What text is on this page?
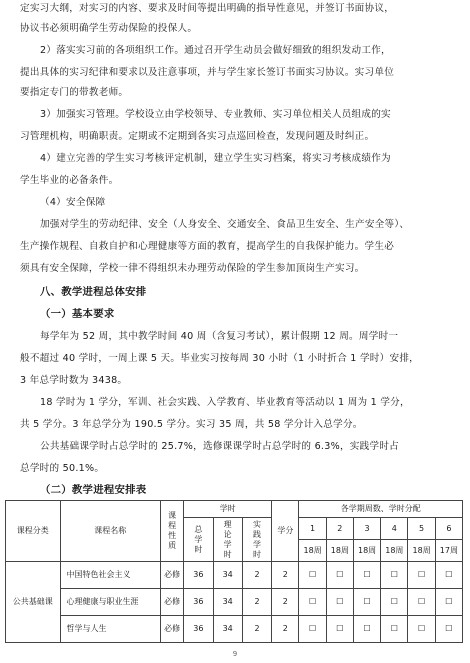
定实习大纲，对实习的内容、要求及时间等提出明确的指导性意见，并签订书面协议，
协议书必须明确学生劳动保险的投保人。
2）落实实习前的各项组织工作。通过召开学生动员会做好细致的组织发动工作，
提出具体的实习纪律和要求以及注意事项，并与学生家长签订书面实习协议。实习单位
要指定专门的带教老师。
3）加强实习管理。学校设立由学校领导、专业教师、实习单位相关人员组成的实
习管理机构，明确职责。定期或不定期到各实习点巡回检查，发现问题及时纠正。
4）建立完善的学生实习考核评定机制，建立学生实习档案，将实习考核成绩作为
学生毕业的必备条件。
（4）安全保障
加强对学生的劳动纪律、安全（人身安全、交通安全、食品卫生安全、生产安全等）、
生产操作规程、自救自护和心理健康等方面的教育，提高学生的自我保护能力。学生必
须具有安全保障，学校一律不得组织未办理劳动保险的学生参加顶岗生产实习。
八、教学进程总体安排
（一）基本要求
每学年为 52 周，其中教学时间 40 周（含复习考试），累计假期 12 周。周学时一
般不超过 40 学时，一周上课 5 天。毕业实习按每周 30 小时（1 小时折合 1 学时）安排，
3 年总学时数为 3438。
18 学时为 1 学分，军训、社会实践、入学教育、毕业教育等活动以 1 周为 1 学分，
共 5 学分。3 年总学分为 190.5 学分。实习 35 周，共 58 学分计入总学分。
公共基础课学时占总学时的 25.7%，选修课课学时占总学时的 6.3%，实践学时占
总学时的 50.1%。
（二）教学进程安排表
课程分类	课程名称	课
程
性
质	学时			学分	各学期周数、学时分配					
			总
学
时	理
论
学
时	实
践
学
时		1	2	3	4	5	6
							18周	18周	18周	18周	18周	17周
公共基础课	中国特色社会主义	必修	36	34	2	2	☐	☐	☐	☐	☐	☐
	心理健康与职业生涯	必修	36	34	2	2	☐	☐	☐	☐	☐	☐
	哲学与人生	必修	36	34	2	2	☐	☐	☐	☐	☐	☐
9
